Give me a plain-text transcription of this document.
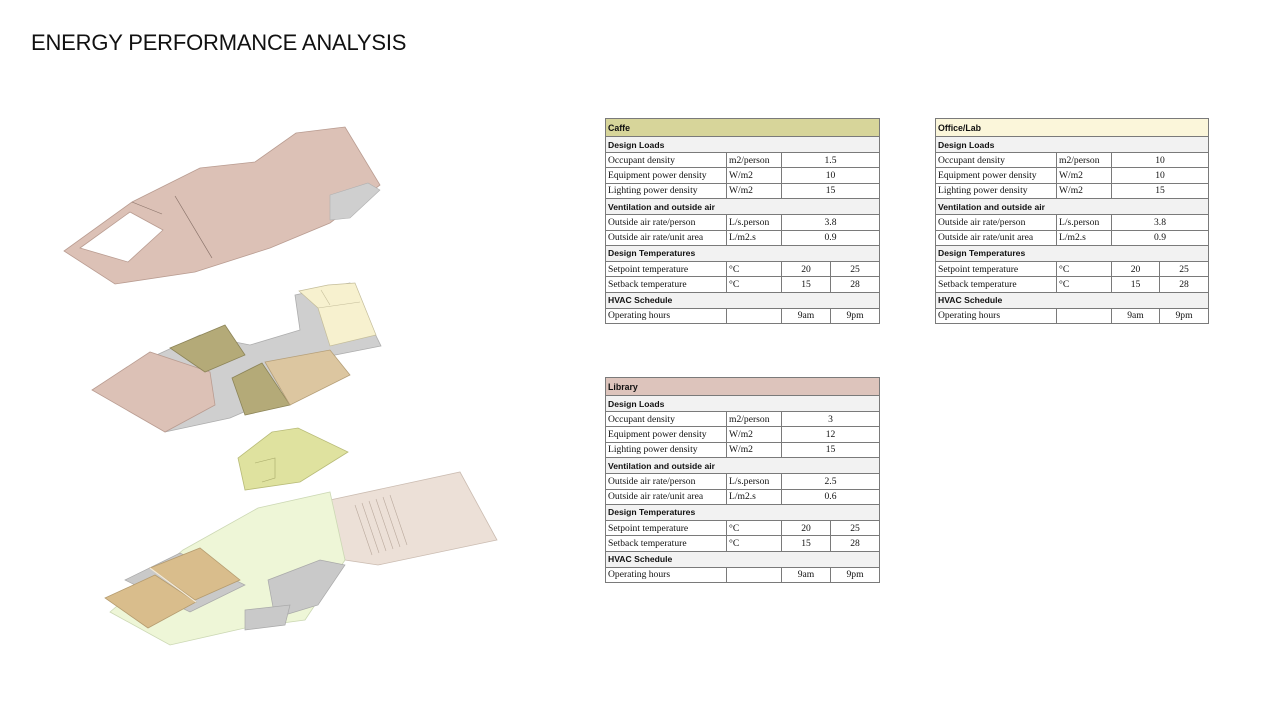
ENERGY PERFORMANCE ANALYSIS
Caffe			
Design Loads			
Occupant density	m2/person	1.5	
Equipment power density	W/m2	10	
Lighting power density	W/m2	15	
Ventilation and outside air			
Outside air rate/person	L/s.person	3.8	
Outside air rate/unit area	L/m2.s	0.9	
Design Temperatures			
Setpoint temperature	°C	20	25
Setback temperature	°C	15	28
HVAC Schedule			
Operating hours		9am	9pm
Office/Lab			
Design Loads			
Occupant density	m2/person	10	
Equipment power density	W/m2	10	
Lighting power density	W/m2	15	
Ventilation and outside air			
Outside air rate/person	L/s.person	3.8	
Outside air rate/unit area	L/m2.s	0.9	
Design Temperatures			
Setpoint temperature	°C	20	25
Setback temperature	°C	15	28
HVAC Schedule			
Operating hours		9am	9pm
Library			
Design Loads			
Occupant density	m2/person	3	
Equipment power density	W/m2	12	
Lighting power density	W/m2	15	
Ventilation and outside air			
Outside air rate/person	L/s.person	2.5	
Outside air rate/unit area	L/m2.s	0.6	
Design Temperatures			
Setpoint temperature	°C	20	25
Setback temperature	°C	15	28
HVAC Schedule			
Operating hours		9am	9pm
